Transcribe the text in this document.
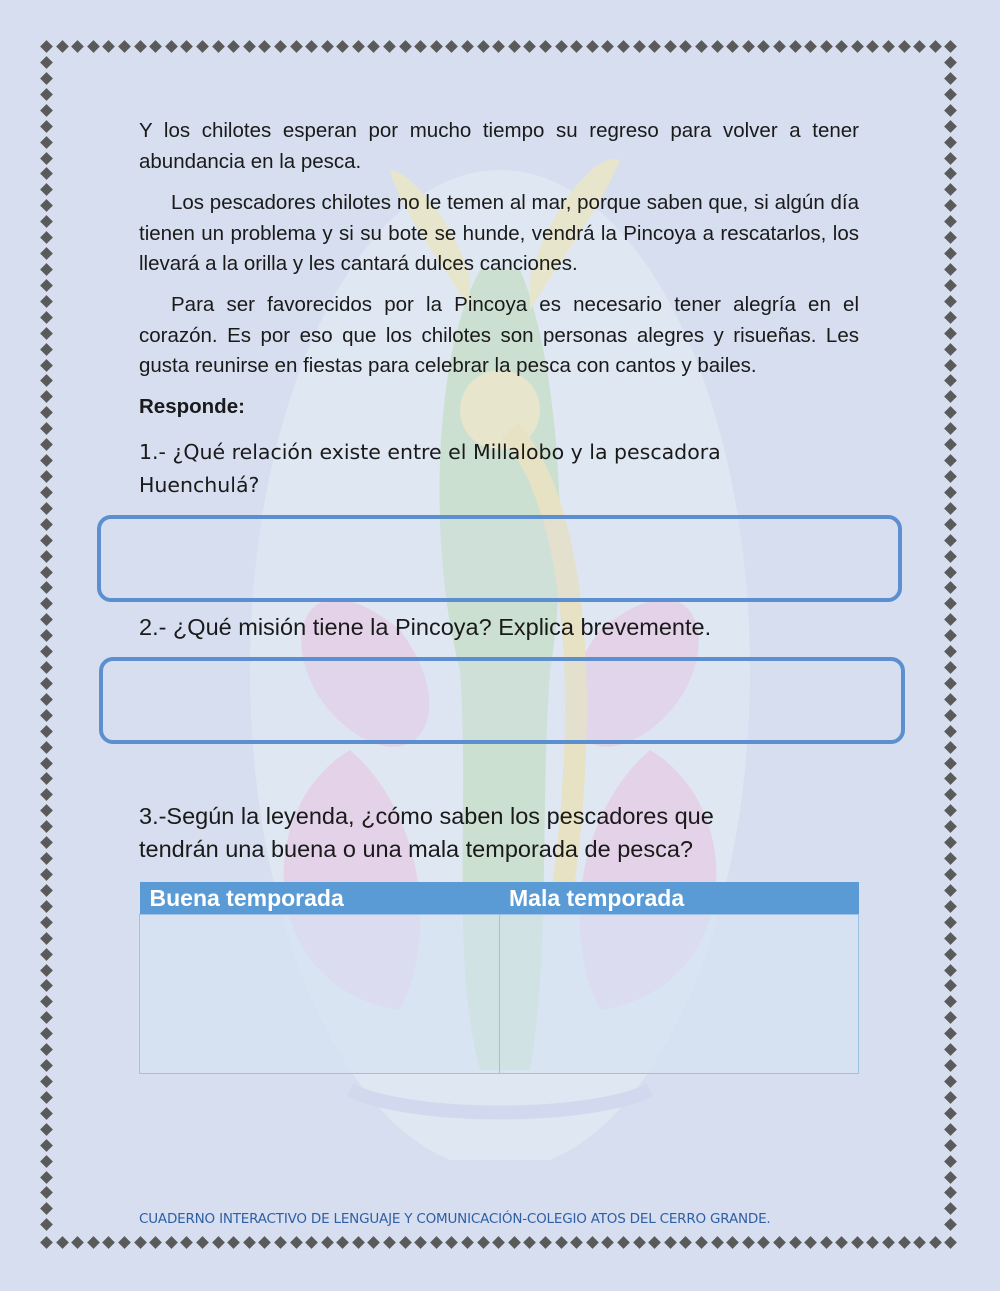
Y los chilotes esperan por mucho tiempo su regreso para volver a tener abundancia en la pesca.

Los pescadores chilotes no le temen al mar, porque saben que, si algún día tienen un problema y si su bote se hunde, vendrá la Pincoya a rescatarlos, los llevará a la orilla y les cantará dulces canciones.

Para ser favorecidos por la Pincoya es necesario tener alegría en el corazón. Es por eso que los chilotes son personas alegres y risueñas. Les gusta reunirse en fiestas para celebrar la pesca con cantos y bailes.

Responde:
1.- ¿Qué relación existe entre el Millalobo y la pescadora Huenchulá?
2.- ¿Qué misión tiene la Pincoya? Explica brevemente.
3.-Según la leyenda, ¿cómo saben los pescadores que tendrán una buena o una mala temporada de pesca?
Buena temporada	Mala temporada

CUADERNO INTERACTIVO DE LENGUAJE Y COMUNICACIÓN-COLEGIO ATOS DEL CERRO GRANDE.
